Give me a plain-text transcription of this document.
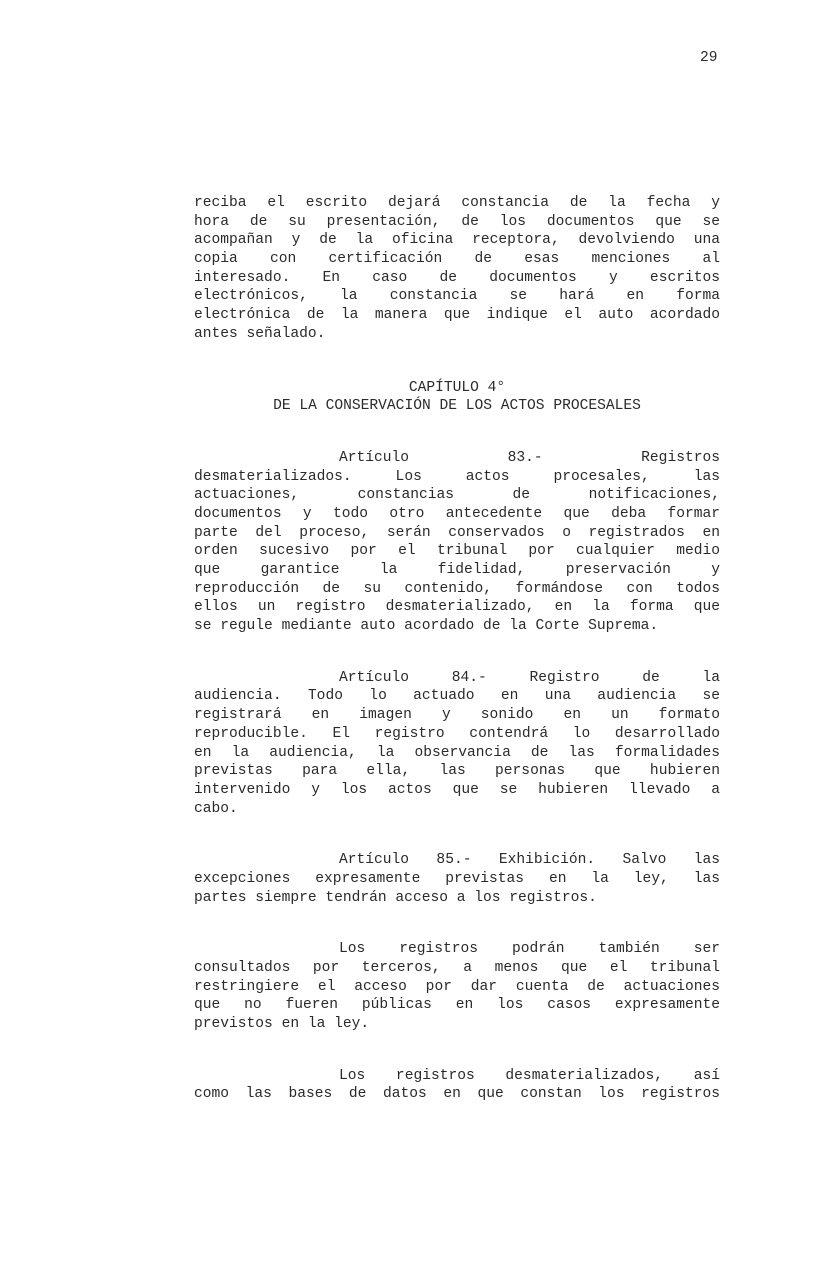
29
reciba el escrito dejará constancia de la fecha y
hora de su presentación, de los documentos que se
acompañan y de la oficina receptora, devolviendo una
copia con certificación de esas menciones al
interesado. En caso de documentos y escritos
electrónicos, la constancia se hará en forma
electrónica de la manera que indique el auto acordado
antes señalado.
CAPÍTULO 4°
DE LA CONSERVACIÓN DE LOS ACTOS PROCESALES
Artículo 83.- Registros
desmaterializados. Los actos procesales, las
actuaciones, constancias de notificaciones,
documentos y todo otro antecedente que deba formar
parte del proceso, serán conservados o registrados en
orden sucesivo por el tribunal por cualquier medio
que garantice la fidelidad, preservación y
reproducción de su contenido, formándose con todos
ellos un registro desmaterializado, en la forma que
se regule mediante auto acordado de la Corte Suprema.
Artículo 84.- Registro de la
audiencia. Todo lo actuado en una audiencia se
registrará en imagen y sonido en un formato
reproducible. El registro contendrá lo desarrollado
en la audiencia, la observancia de las formalidades
previstas para ella, las personas que hubieren
intervenido y los actos que se hubieren llevado a
cabo.
Artículo 85.- Exhibición. Salvo las
excepciones expresamente previstas en la ley, las
partes siempre tendrán acceso a los registros.
Los registros podrán también ser
consultados por terceros, a menos que el tribunal
restringiere el acceso por dar cuenta de actuaciones
que no fueren públicas en los casos expresamente
previstos en la ley.
Los registros desmaterializados, así
como las bases de datos en que constan los registros
